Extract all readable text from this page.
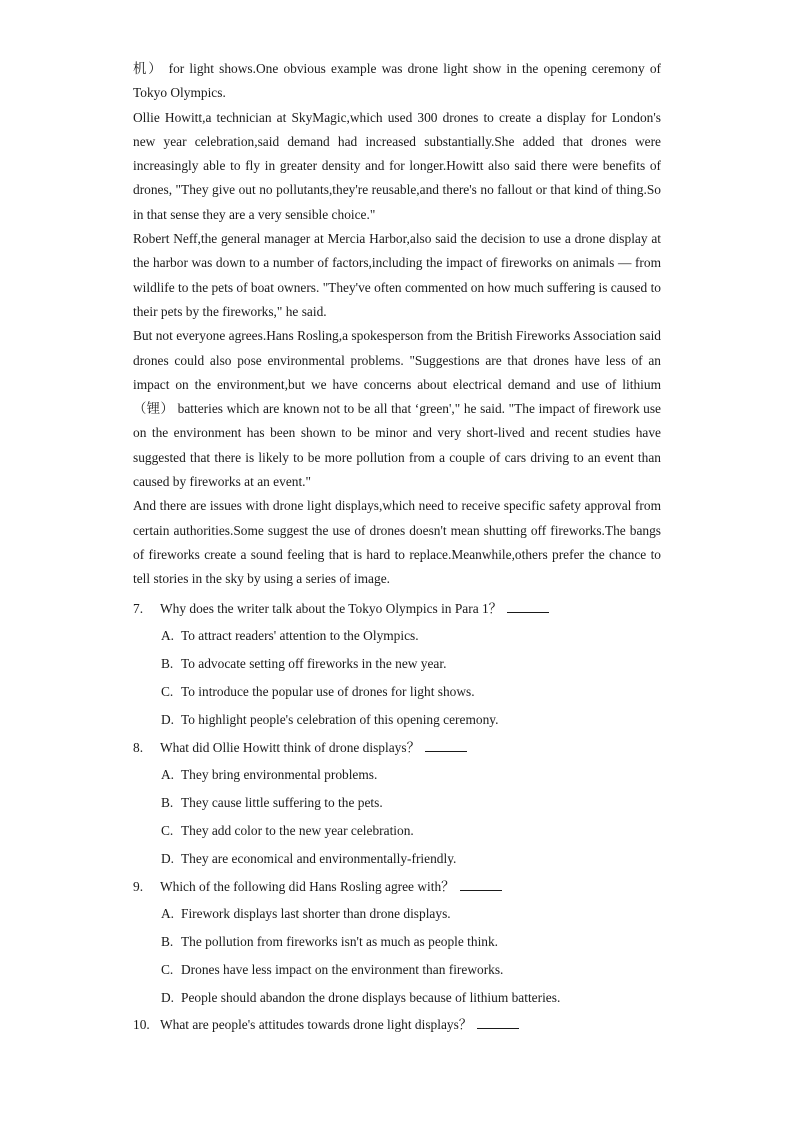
机） for light shows.One obvious example was drone light show in the opening ceremony of Tokyo Olympics.

Ollie Howitt,a technician at SkyMagic,which used 300 drones to create a display for London's new year celebration,said demand had increased substantially.She added that drones were increasingly able to fly in greater density and for longer.Howitt also said there were benefits of drones, "They give out no pollutants,they're reusable,and there's no fallout or that kind of thing.So in that sense they are a very sensible choice."

Robert Neff,the general manager at Mercia Harbor,also said the decision to use a drone display at the harbor was down to a number of factors,including the impact of fireworks on animals — from wildlife to the pets of boat owners. "They've often commented on how much suffering is caused to their pets by the fireworks," he said.

But not everyone agrees.Hans Rosling,a spokesperson from the British Fireworks Association said drones could also pose environmental problems. "Suggestions are that drones have less of an impact on the environment,but we have concerns about electrical demand and use of lithium （锂） batteries which are known not to be all that ‘green'," he said. "The impact of firework use on the environment has been shown to be minor and very short-lived and recent studies have suggested that there is likely to be more pollution from a couple of cars driving to an event than caused by fireworks at an event."

And there are issues with drone light displays,which need to receive specific safety approval from certain authorities.Some suggest the use of drones doesn't mean shutting off fireworks.The bangs of fireworks create a sound feeling that is hard to replace.Meanwhile,others prefer the chance to tell stories in the sky by using a series of image.

7.	Why does the writer talk about the Tokyo Olympics in Para 1？
A. To attract readers' attention to the Olympics.
B. To advocate setting off fireworks in the new year.
C. To introduce the popular use of drones for light shows.
D. To highlight people's celebration of this opening ceremony.
8.	What did Ollie Howitt think of drone displays？
A. They bring environmental problems.
B. They cause little suffering to the pets.
C. They add color to the new year celebration.
D. They are economical and environmentally-friendly.
9.	Which of the following did Hans Rosling agree with？
A. Firework displays last shorter than drone displays.
B. The pollution from fireworks isn't as much as people think.
C. Drones have less impact on the environment than fireworks.
D. People should abandon the drone displays because of lithium batteries.
10. What are people's attitudes towards drone light displays？
